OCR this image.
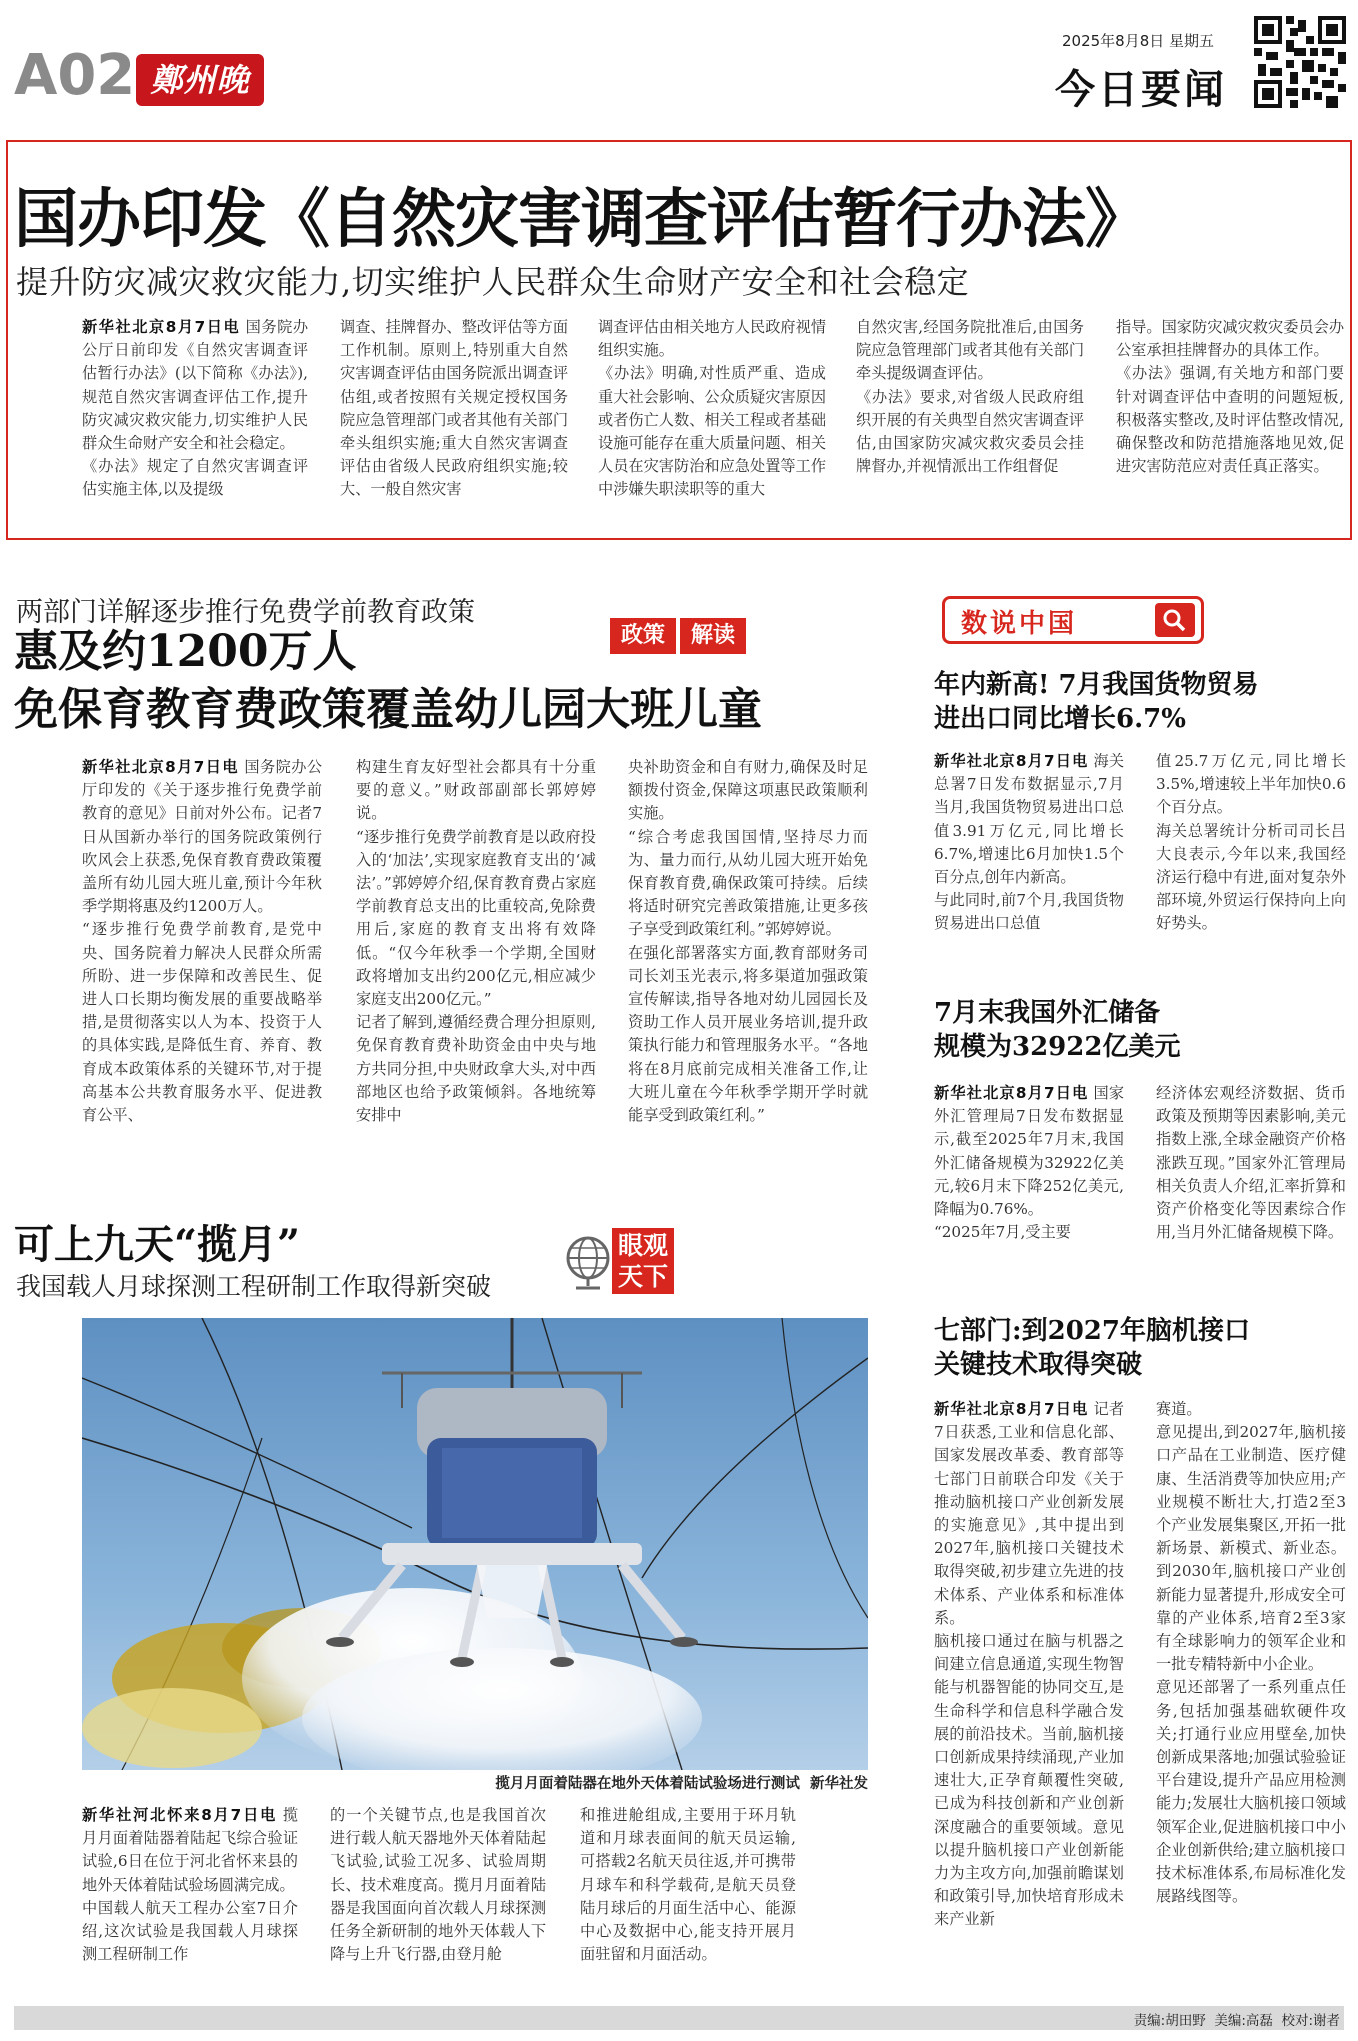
A02 鄭州晚報
2025年8月8日 星期五
今日要闻
国办印发《自然灾害调查评估暂行办法》
提升防灾减灾救灾能力,切实维护人民群众生命财产安全和社会稳定
新华社北京8月7日电 国务院办公厅日前印发《自然灾害调查评估暂行办法》(以下简称《办法》),规范自然灾害调查评估工作,提升防灾减灾救灾能力,切实维护人民群众生命财产安全和社会稳定。
《办法》规定了自然灾害调查评估实施主体,以及提级
调查、挂牌督办、整改评估等方面工作机制。原则上,特别重大自然灾害调查评估由国务院派出调查评估组,或者按照有关规定授权国务院应急管理部门或者其他有关部门牵头组织实施;重大自然灾害调查评估由省级人民政府组织实施;较大、一般自然灾害
调查评估由相关地方人民政府视情组织实施。
《办法》明确,对性质严重、造成重大社会影响、公众质疑灾害原因或者伤亡人数、相关工程或者基础设施可能存在重大质量问题、相关人员在灾害防治和应急处置等工作中涉嫌失职渎职等的重大
自然灾害,经国务院批准后,由国务院应急管理部门或者其他有关部门牵头提级调查评估。
《办法》要求,对省级人民政府组织开展的有关典型自然灾害调查评估,由国家防灾减灾救灾委员会挂牌督办,并视情派出工作组督促
指导。国家防灾减灾救灾委员会办公室承担挂牌督办的具体工作。
《办法》强调,有关地方和部门要针对调查评估中查明的问题短板,积极落实整改,及时评估整改情况,确保整改和防范措施落地见效,促进灾害防范应对责任真正落实。
两部门详解逐步推行免费学前教育政策
政策	解读
惠及约1200万人
免保育教育费政策覆盖幼儿园大班儿童
新华社北京8月7日电 国务院办公厅印发的《关于逐步推行免费学前教育的意见》日前对外公布。记者7日从国新办举行的国务院政策例行吹风会上获悉,免保育教育费政策覆盖所有幼儿园大班儿童,预计今年秋季学期将惠及约1200万人。
“逐步推行免费学前教育,是党中央、国务院着力解决人民群众所需所盼、进一步保障和改善民生、促进人口长期均衡发展的重要战略举措,是贯彻落实以人为本、投资于人的具体实践,是降低生育、养育、教育成本政策体系的关键环节,对于提高基本公共教育服务水平、促进教育公平、
构建生育友好型社会都具有十分重要的意义。”财政部副部长郭婷婷说。
“逐步推行免费学前教育是以政府投入的‘加法’,实现家庭教育支出的‘减法’。”郭婷婷介绍,保育教育费占家庭学前教育总支出的比重较高,免除费用后,家庭的教育支出将有效降低。“仅今年秋季一个学期,全国财政将增加支出约200亿元,相应减少家庭支出200亿元。”
记者了解到,遵循经费合理分担原则,免保育教育费补助资金由中央与地方共同分担,中央财政拿大头,对中西部地区也给予政策倾斜。各地统筹安排中
央补助资金和自有财力,确保及时足额拨付资金,保障这项惠民政策顺利实施。
“综合考虑我国国情,坚持尽力而为、量力而行,从幼儿园大班开始免保育教育费,确保政策可持续。后续将适时研究完善政策措施,让更多孩子享受到政策红利。”郭婷婷说。
在强化部署落实方面,教育部财务司司长刘玉光表示,将多渠道加强政策宣传解读,指导各地对幼儿园园长及资助工作人员开展业务培训,提升政策执行能力和管理服务水平。“各地将在8月底前完成相关准备工作,让大班儿童在今年秋季学期开学时就能享受到政策红利。”
可上九天“揽月”
我国载人月球探测工程研制工作取得新突破
眼观
天下
揽月月面着陆器在地外天体着陆试验场进行测试  新华社发
新华社河北怀来8月7日电 揽月月面着陆器着陆起飞综合验证试验,6日在位于河北省怀来县的地外天体着陆试验场圆满完成。
中国载人航天工程办公室7日介绍,这次试验是我国载人月球探测工程研制工作
的一个关键节点,也是我国首次进行载人航天器地外天体着陆起飞试验,试验工况多、试验周期长、技术难度高。揽月月面着陆器是我国面向首次载人月球探测任务全新研制的地外天体载人下降与上升飞行器,由登月舱
和推进舱组成,主要用于环月轨道和月球表面间的航天员运输,可搭载2名航天员往返,并可携带月球车和科学载荷,是航天员登陆月球后的月面生活中心、能源中心及数据中心,能支持开展月面驻留和月面活动。
数说中国
年内新高! 7月我国货物贸易
进出口同比增长6.7%
新华社北京8月7日电 海关总署7日发布数据显示,7月当月,我国货物贸易进出口总值3.91万亿元,同比增长6.7%,增速比6月加快1.5个百分点,创年内新高。
与此同时,前7个月,我国货物贸易进出口总值
值25.7万亿元,同比增长3.5%,增速较上半年加快0.6个百分点。
海关总署统计分析司司长吕大良表示,今年以来,我国经济运行稳中有进,面对复杂外部环境,外贸运行保持向上向好势头。
7月末我国外汇储备
规模为32922亿美元
新华社北京8月7日电 国家外汇管理局7日发布数据显示,截至2025年7月末,我国外汇储备规模为32922亿美元,较6月末下降252亿美元,降幅为0.76%。
“2025年7月,受主要
经济体宏观经济数据、货币政策及预期等因素影响,美元指数上涨,全球金融资产价格涨跌互现。”国家外汇管理局相关负责人介绍,汇率折算和资产价格变化等因素综合作用,当月外汇储备规模下降。
七部门:到2027年脑机接口
关键技术取得突破
新华社北京8月7日电 记者7日获悉,工业和信息化部、国家发展改革委、教育部等七部门日前联合印发《关于推动脑机接口产业创新发展的实施意见》,其中提出到2027年,脑机接口关键技术取得突破,初步建立先进的技术体系、产业体系和标准体系。
脑机接口通过在脑与机器之间建立信息通道,实现生物智能与机器智能的协同交互,是生命科学和信息科学融合发展的前沿技术。当前,脑机接口创新成果持续涌现,产业加速壮大,正孕育颠覆性突破,已成为科技创新和产业创新深度融合的重要领域。意见以提升脑机接口产业创新能力为主攻方向,加强前瞻谋划和政策引导,加快培育形成未来产业新
赛道。
意见提出,到2027年,脑机接口产品在工业制造、医疗健康、生活消费等加快应用;产业规模不断壮大,打造2至3个产业发展集聚区,开拓一批新场景、新模式、新业态。到2030年,脑机接口产业创新能力显著提升,形成安全可靠的产业体系,培育2至3家有全球影响力的领军企业和一批专精特新中小企业。
意见还部署了一系列重点任务,包括加强基础软硬件攻关;打通行业应用壁垒,加快创新成果落地;加强试验验证平台建设,提升产品应用检测能力;发展壮大脑机接口领域领军企业,促进脑机接口中小企业创新供给;建立脑机接口技术标准体系,布局标准化发展路线图等。
责编:胡田野  美编:高磊  校对:谢者
